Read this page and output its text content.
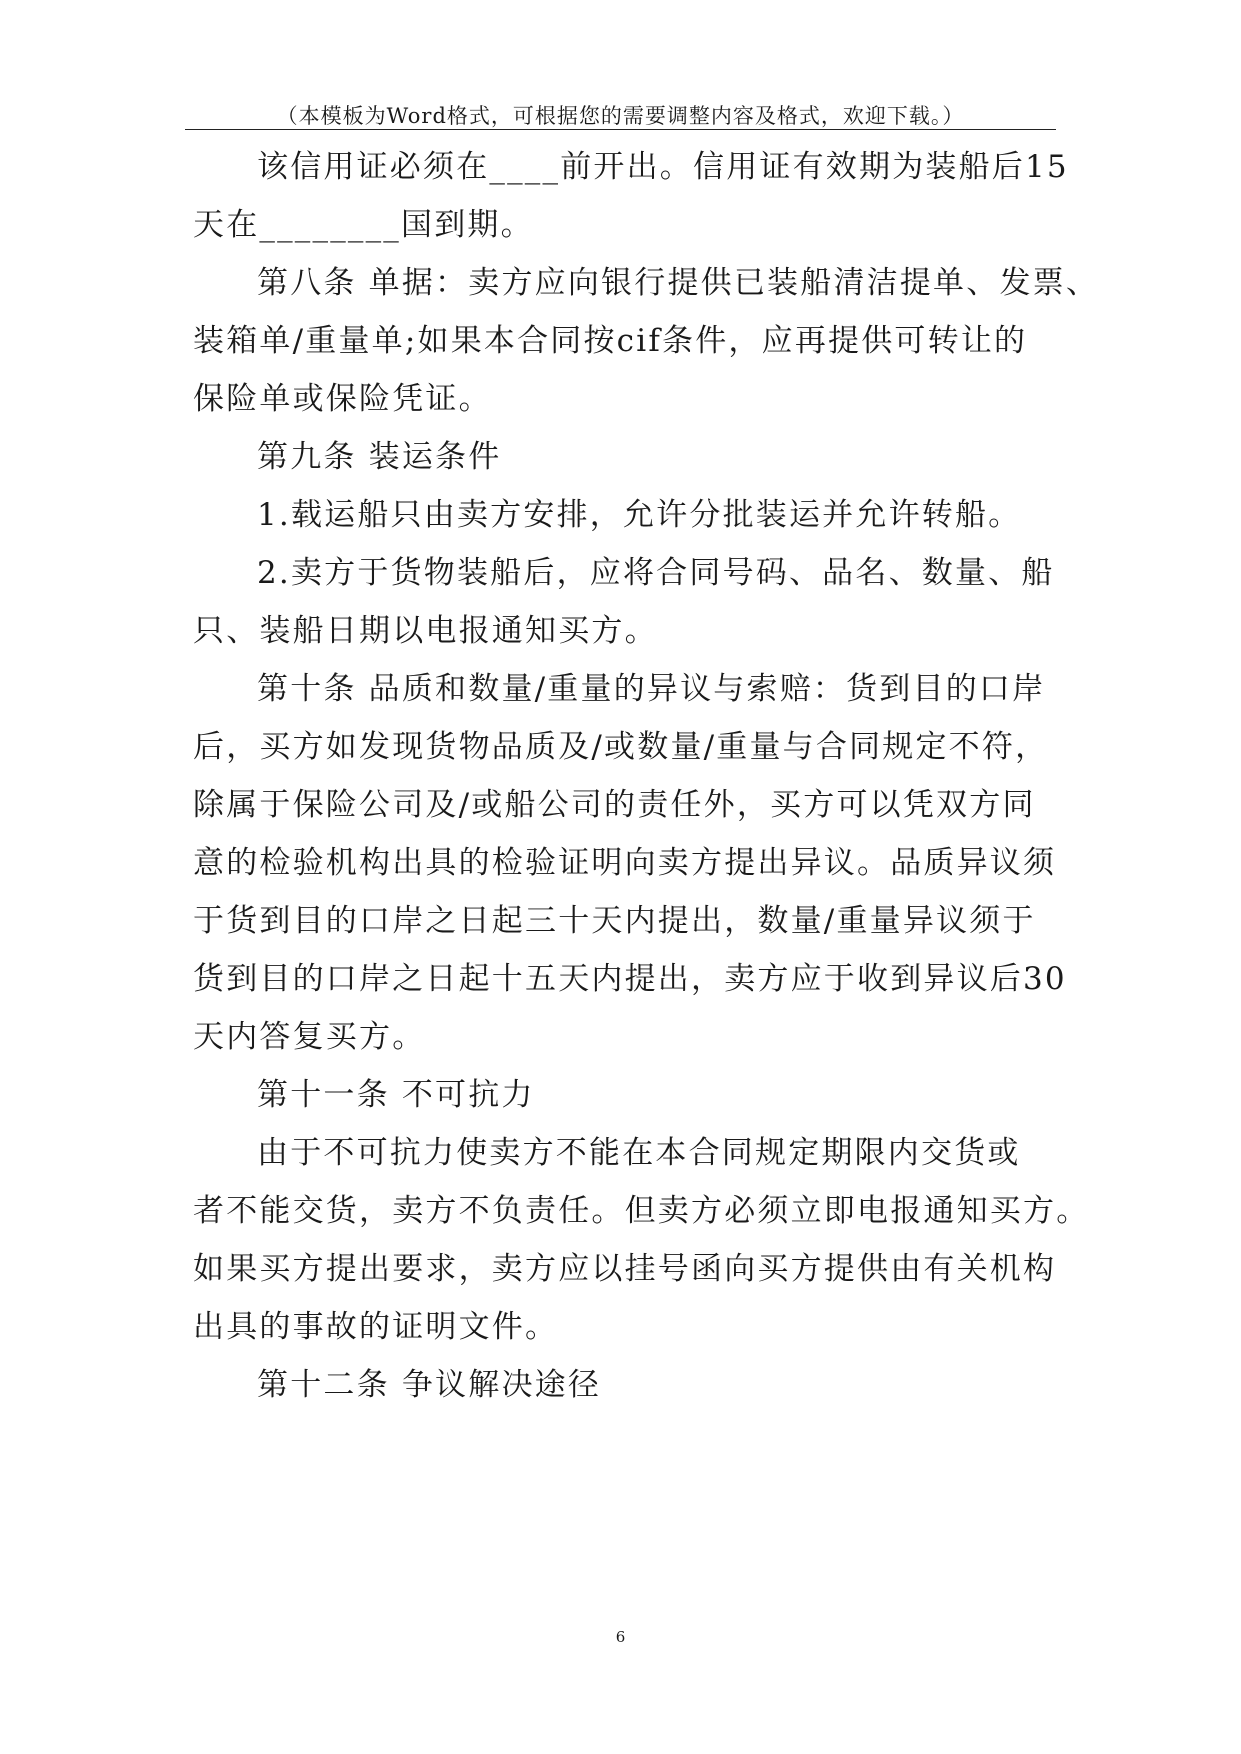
（本模板为Word格式，可根据您的需要调整内容及格式，欢迎下载。）
该信用证必须在____前开出。信用证有效期为装船后15
天在________国到期。
第八条 单据：卖方应向银行提供已装船清洁提单、发票、
装箱单/重量单;如果本合同按cif条件，应再提供可转让的
保险单或保险凭证。
第九条 装运条件
1.载运船只由卖方安排，允许分批装运并允许转船。
2.卖方于货物装船后，应将合同号码、品名、数量、船
只、装船日期以电报通知买方。
第十条 品质和数量/重量的异议与索赔：货到目的口岸
后，买方如发现货物品质及/或数量/重量与合同规定不符，
除属于保险公司及/或船公司的责任外，买方可以凭双方同
意的检验机构出具的检验证明向卖方提出异议。品质异议须
于货到目的口岸之日起三十天内提出，数量/重量异议须于
货到目的口岸之日起十五天内提出，卖方应于收到异议后30
天内答复买方。
第十一条 不可抗力
由于不可抗力使卖方不能在本合同规定期限内交货或
者不能交货，卖方不负责任。但卖方必须立即电报通知买方。
如果买方提出要求，卖方应以挂号函向买方提供由有关机构
出具的事故的证明文件。
第十二条 争议解决途径
6
